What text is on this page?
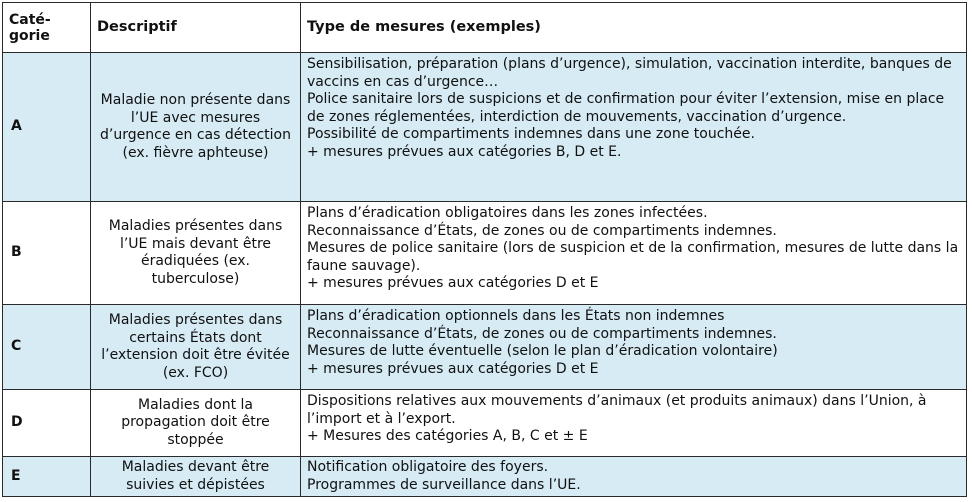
Caté-
gorie	Descriptif	Type de mesures (exemples)
A	Maladie non présente dans l’UE avec mesures d’urgence en cas détection (ex. fièvre aphteuse)	Sensibilisation, préparation (plans d’urgence), simulation, vaccination interdite, banques de vaccins en cas d’urgence…
Police sanitaire lors de suspicions et de confirmation pour éviter l’extension, mise en place de zones réglementées, interdiction de mouvements, vaccination d’urgence.
Possibilité de compartiments indemnes dans une zone touchée.
+ mesures prévues aux catégories B, D et E.

B	Maladies présentes dans l’UE mais devant être éradiquées (ex. tuberculose)	Plans d’éradication obligatoires dans les zones infectées.
Reconnaissance d’États, de zones ou de compartiments indemnes.
Mesures de police sanitaire (lors de suspicion et de la confirmation, mesures de lutte dans la faune sauvage).
+ mesures prévues aux catégories D et E

C	Maladies présentes dans certains États dont l’extension doit être évitée (ex. FCO)	Plans d’éradication optionnels dans les États non indemnes
Reconnaissance d’États, de zones ou de compartiments indemnes.
Mesures de lutte éventuelle (selon le plan d’éradication volontaire)
+ mesures prévues aux catégories D et E

D	Maladies dont la propagation doit être stoppée	Dispositions relatives aux mouvements d’animaux (et produits animaux) dans l’Union, à l’import et à l’export.
+ Mesures des catégories A, B, C et ± E

E	Maladies devant être suivies et dépistées	Notification obligatoire des foyers.
Programmes de surveillance dans l’UE.
